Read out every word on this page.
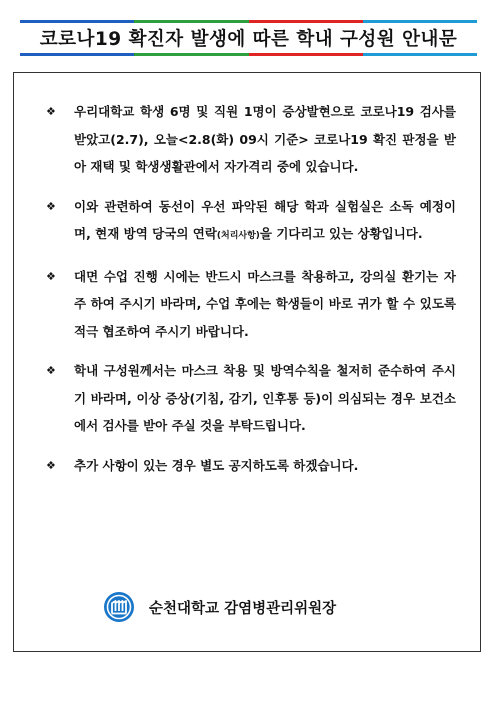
코로나19 확진자 발생에 따른 학내 구성원 안내문
❖ 우리대학교 학생 6명 및 직원 1명이 증상발현으로 코로나19 검사를 받았고(2.7), 오늘<2.8(화) 09시 기준> 코로나19 확진 판정을 받아 재택 및 학생생활관에서 자가격리 중에 있습니다.
❖ 이와 관련하여 동선이 우선 파악된 해당 학과 실험실은 소독 예정이며, 현재 방역 당국의 연락(처리사항)을 기다리고 있는 상황입니다.
❖ 대면 수업 진행 시에는 반드시 마스크를 착용하고, 강의실 환기는 자주 하여 주시기 바라며, 수업 후에는 학생들이 바로 귀가 할 수 있도록 적극 협조하여 주시기 바랍니다.
❖ 학내 구성원께서는 마스크 착용 및 방역수칙을 철저히 준수하여 주시기 바라며, 이상 증상(기침, 감기, 인후통 등)이 의심되는 경우 보건소에서 검사를 받아 주실 것을 부탁드립니다.
❖ 추가 사항이 있는 경우 별도 공지하도록 하겠습니다.
순천대학교 감염병관리위원장
